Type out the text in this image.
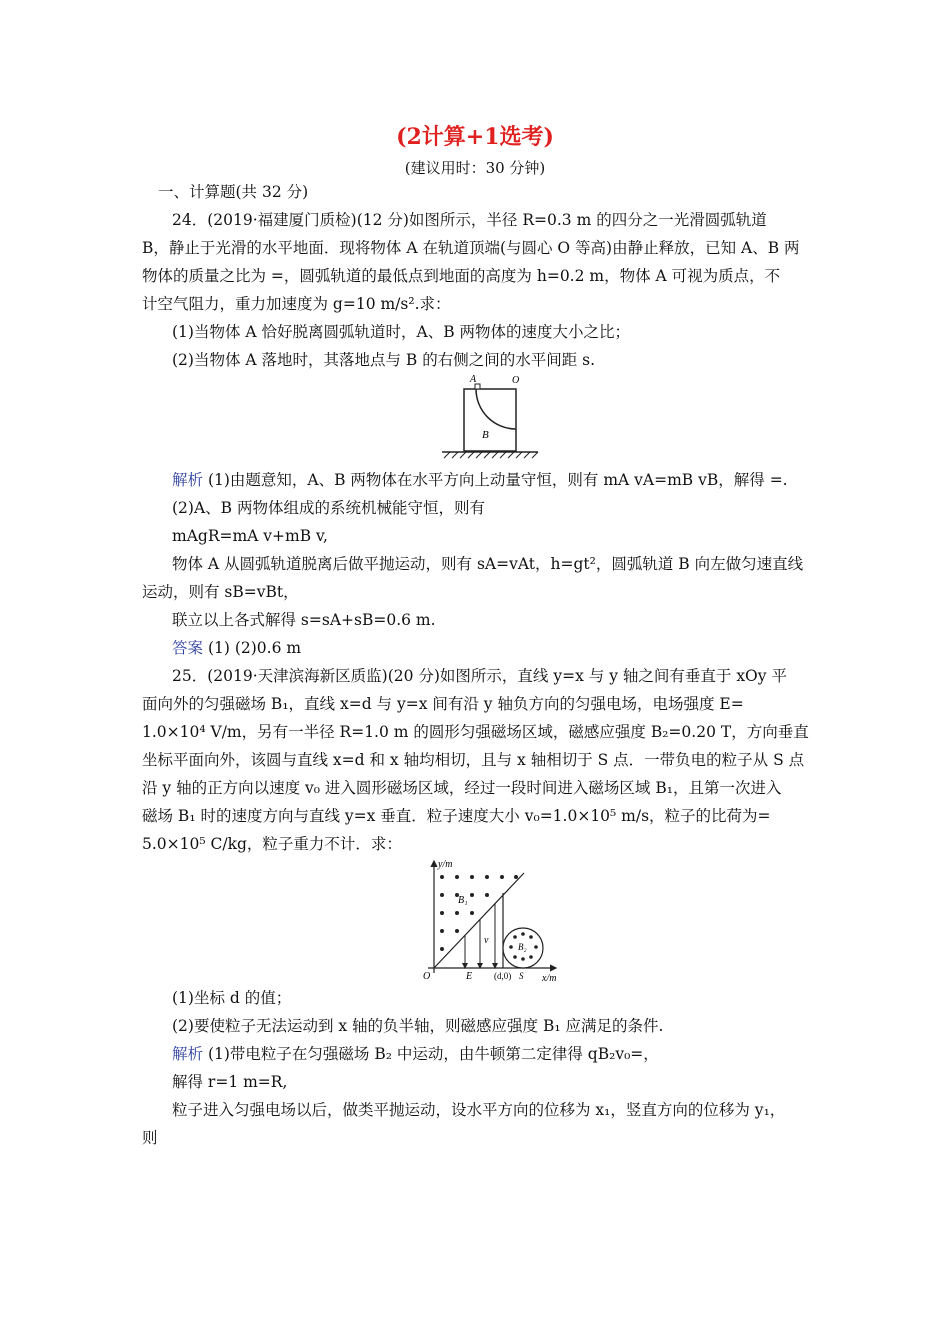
(2计算+1选考)
(建议用时：30 分钟)
一、计算题(共 32 分)
24．(2019·福建厦门质检)(12 分)如图所示，半径 R=0.3 m 的四分之一光滑圆弧轨道
B，静止于光滑的水平地面．现将物体 A 在轨道顶端(与圆心 O 等高)由静止释放，已知 A、B 两
物体的质量之比为 =，圆弧轨道的最低点到地面的高度为 h=0.2 m，物体 A 可视为质点，不
计空气阻力，重力加速度为 g=10 m/s².求：
(1)当物体 A 恰好脱离圆弧轨道时，A、B 两物体的速度大小之比；
(2)当物体 A 落地时，其落地点与 B 的右侧之间的水平间距 s.
A	O
B
解析 (1)由题意知，A、B 两物体在水平方向上动量守恒，则有 mA vA=mB vB，解得 =.
(2)A、B 两物体组成的系统机械能守恒，则有
mAgR=mA v+mB v,
物体 A 从圆弧轨道脱离后做平抛运动，则有 sA=vAt，h=gt²，圆弧轨道 B 向左做匀速直线
运动，则有 sB=vBt，
联立以上各式解得 s=sA+sB=0.6 m.
答案 (1) (2)0.6 m
25．(2019·天津滨海新区质监)(20 分)如图所示，直线 y=x 与 y 轴之间有垂直于 xOy 平
面向外的匀强磁场 B₁，直线 x=d 与 y=x 间有沿 y 轴负方向的匀强电场，电场强度 E=
1.0×10⁴ V/m，另有一半径 R=1.0 m 的圆形匀强磁场区域，磁感应强度 B₂=0.20 T，方向垂直
坐标平面向外，该圆与直线 x=d 和 x 轴均相切，且与 x 轴相切于 S 点．一带负电的粒子从 S 点
沿 y 轴的正方向以速度 v₀ 进入圆形磁场区域，经过一段时间进入磁场区域 B₁，且第一次进入
磁场 B₁ 时的速度方向与直线 y=x 垂直．粒子速度大小 v₀=1.0×10⁵ m/s，粒子的比荷为=
5.0×10⁵ C/kg，粒子重力不计．求：
y/m
x/m
O
B₁
v
E (d,0) S
B₂
(1)坐标 d 的值；
(2)要使粒子无法运动到 x 轴的负半轴，则磁感应强度 B₁ 应满足的条件.
解析 (1)带电粒子在匀强磁场 B₂ 中运动，由牛顿第二定律得 qB₂v₀=，
解得 r=1 m=R,
粒子进入匀强电场以后，做类平抛运动，设水平方向的位移为 x₁，竖直方向的位移为 y₁，
则
